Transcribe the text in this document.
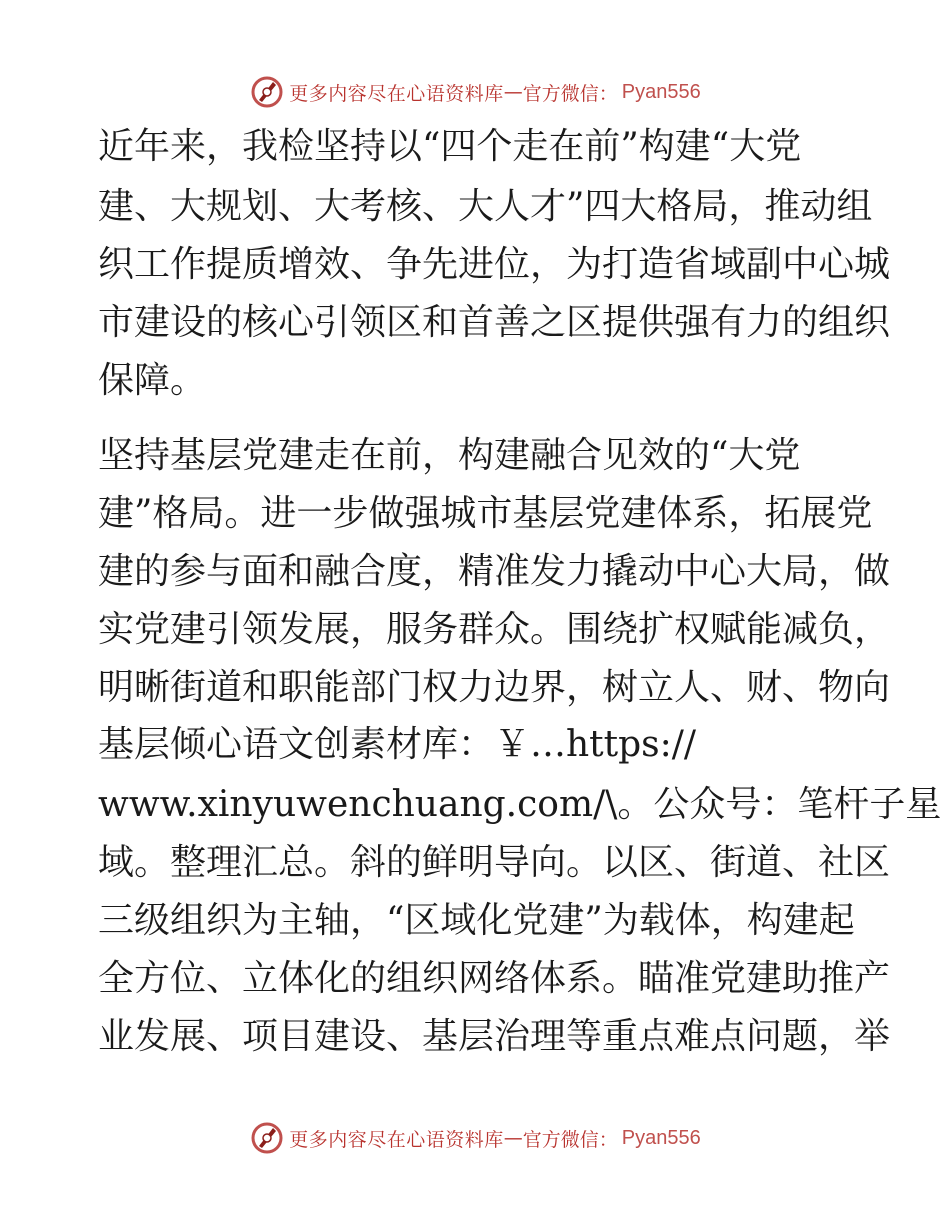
更多内容尽在心语资料库 — 官方微信： Pyan556
近年来，我检坚持以“四个走在前”构建“大党
建、大规划、大考核、大人才”四大格局，推动组
织工作提质增效、争先进位，为打造省域副中心城
市建设的核心引领区和首善之区提供强有力的组织
保障。
坚持基层党建走在前，构建融合见效的“大党
建”格局。进一步做强城市基层党建体系，拓展党
建的参与面和融合度，精准发力撬动中心大局，做
实党建引领发展，服务群众。围绕扩权赋能减负，
明晰街道和职能部门权力边界，树立人、财、物向
基层倾心语文创素材库：￥…https://
www.xinyuwenchuang.com/\。公众号：笔杆子星
域。整理汇总。斜的鲜明导向。以区、街道、社区
三级组织为主轴，“区域化党建”为载体，构建起
全方位、立体化的组织网络体系。瞄准党建助推产
业发展、项目建设、基层治理等重点难点问题，举
更多内容尽在心语资料库 — 官方微信： Pyan556
